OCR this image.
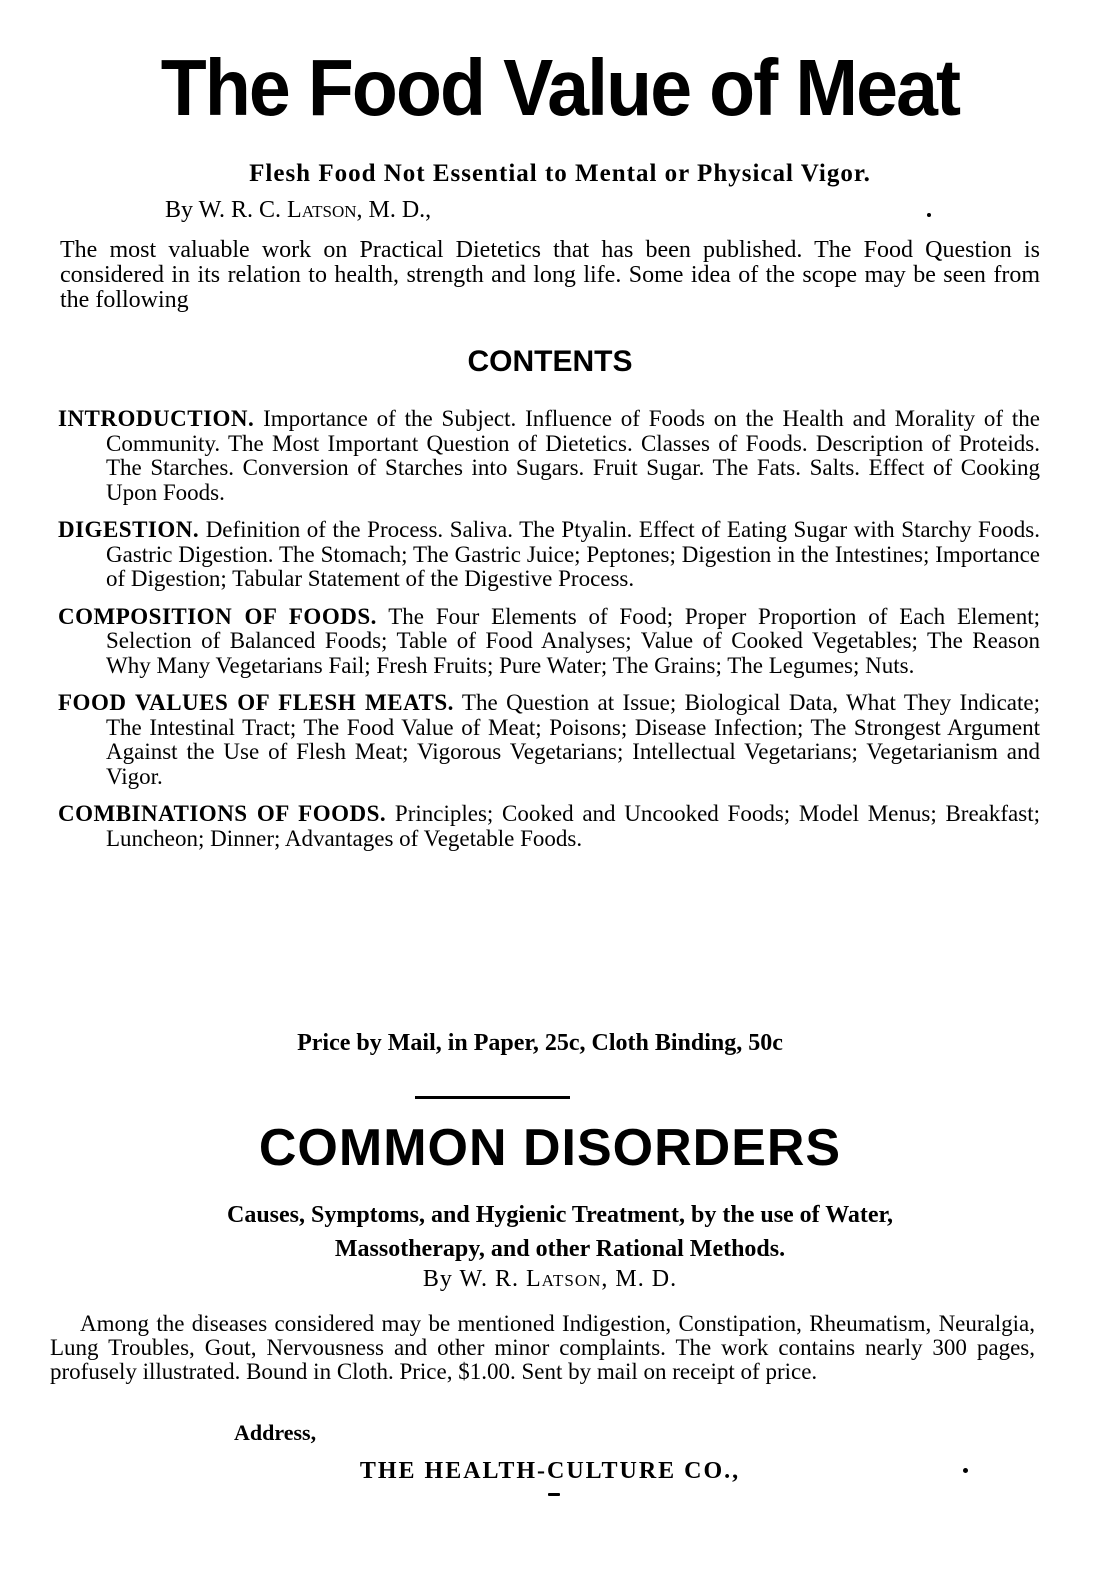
The Food Value of Meat
Flesh Food Not Essential to Mental or Physical Vigor.
By W. R. C. Latson, M. D.,
The most valuable work on Practical Dietetics that has been published. The Food Question is considered in its relation to health, strength and long life. Some idea of the scope may be seen from the following
CONTENTS

INTRODUCTION. Importance of the Subject. Influence of Foods on the Health and Morality of the Community. The Most Important Question of Dietetics. Classes of Foods. Description of Proteids. The Starches. Conversion of Starches into Sugars. Fruit Sugar. The Fats. Salts. Effect of Cooking Upon Foods.

DIGESTION. Definition of the Process. Saliva. The Ptyalin. Effect of Eating Sugar with Starchy Foods. Gastric Digestion. The Stomach; The Gastric Juice; Peptones; Digestion in the Intestines; Importance of Digestion; Tabular Statement of the Digestive Process.

COMPOSITION OF FOODS. The Four Elements of Food; Proper Proportion of Each Element; Selection of Balanced Foods; Table of Food Analyses; Value of Cooked Vegetables; The Reason Why Many Vegetarians Fail; Fresh Fruits; Pure Water; The Grains; The Legumes; Nuts.

FOOD VALUES OF FLESH MEATS. The Question at Issue; Biological Data, What They Indicate; The Intestinal Tract; The Food Value of Meat; Poisons; Disease Infection; The Strongest Argument Against the Use of Flesh Meat; Vigorous Vegetarians; Intellectual Vegetarians; Vegetarianism and Vigor.

COMBINATIONS OF FOODS. Principles; Cooked and Uncooked Foods; Model Menus; Breakfast; Luncheon; Dinner; Advantages of Vegetable Foods.

Price by Mail, in Paper, 25c, Cloth Binding, 50c
COMMON DISORDERS
Causes, Symptoms, and Hygienic Treatment, by the use of Water,
Massotherapy, and other Rational Methods.
By W. R. Latson, M. D.
Among the diseases considered may be mentioned Indigestion, Constipation, Rheumatism, Neuralgia, Lung Troubles, Gout, Nervousness and other minor complaints. The work contains nearly 300 pages, profusely illustrated. Bound in Cloth. Price, $1.00. Sent by mail on receipt of price.
Address,
THE HEALTH-CULTURE CO.,
